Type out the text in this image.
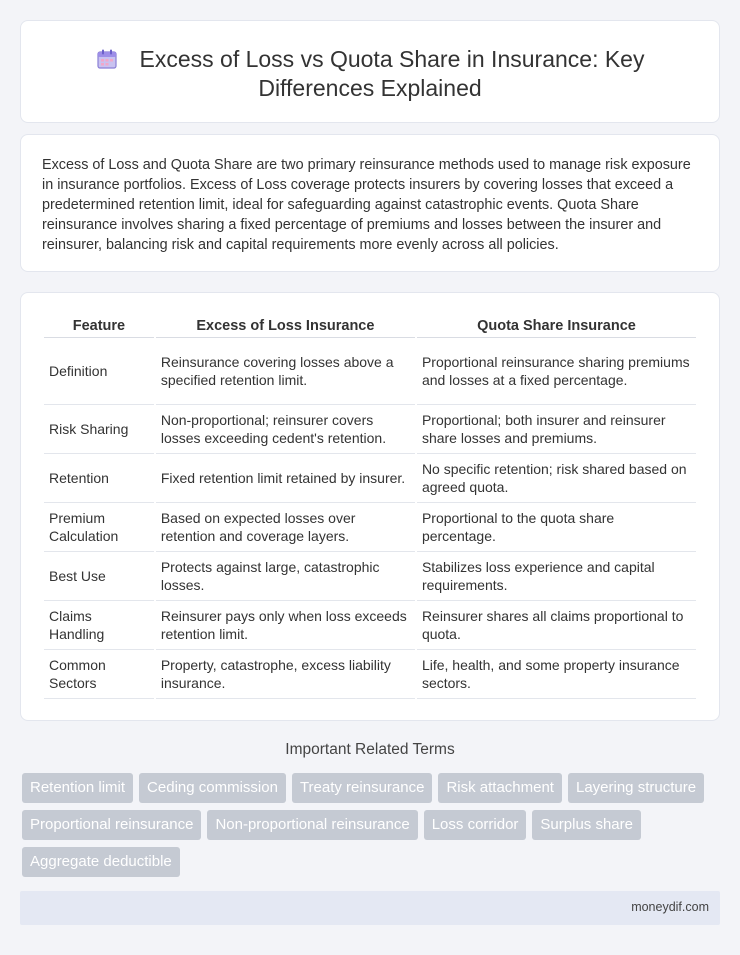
Excess of Loss vs Quota Share in Insurance: Key Differences Explained

Excess of Loss and Quota Share are two primary reinsurance methods used to manage risk exposure in insurance portfolios. Excess of Loss coverage protects insurers by covering losses that exceed a predetermined retention limit, ideal for safeguarding against catastrophic events. Quota Share reinsurance involves sharing a fixed percentage of premiums and losses between the insurer and reinsurer, balancing risk and capital requirements more evenly across all policies.

Feature	Excess of Loss Insurance	Quota Share Insurance
Definition	Reinsurance covering losses above a specified retention limit.	Proportional reinsurance sharing premiums and losses at a fixed percentage.
Risk Sharing	Non-proportional; reinsurer covers losses exceeding cedent's retention.	Proportional; both insurer and reinsurer share losses and premiums.
Retention	Fixed retention limit retained by insurer.	No specific retention; risk shared based on agreed quota.
Premium Calculation	Based on expected losses over retention and coverage layers.	Proportional to the quota share percentage.
Best Use	Protects against large, catastrophic losses.	Stabilizes loss experience and capital requirements.
Claims Handling	Reinsurer pays only when loss exceeds retention limit.	Reinsurer shares all claims proportional to quota.
Common Sectors	Property, catastrophe, excess liability insurance.	Life, health, and some property insurance sectors.
Important Related Terms
Retention limit	Ceding commission	Treaty reinsurance	Risk attachment	Layering structure
Proportional reinsurance	Non-proportional reinsurance	Loss corridor	Surplus share
Aggregate deductible
moneydif.com
